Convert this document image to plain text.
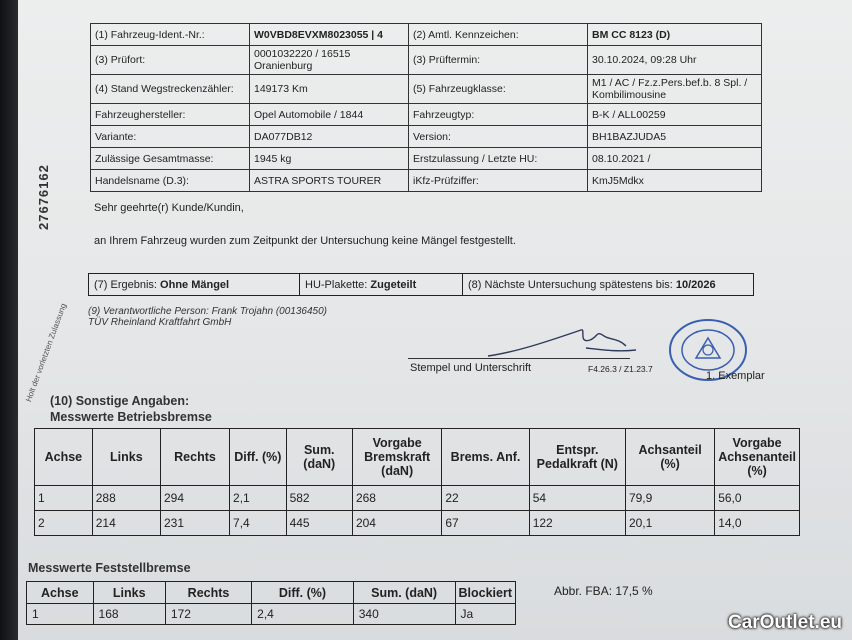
27676162
Holt der vorletzten Zulassung
(1) Fahrzeug-Ident.-Nr.:	W0VBD8EVXM8023055 | 4	(2) Amtl. Kennzeichen:	BM CC 8123 (D)
(3) Prüfort:	0001032220 / 16515 Oranienburg	(3) Prüftermin:	30.10.2024, 09:28 Uhr
(4) Stand Wegstreckenzähler:	149173 Km	(5) Fahrzeugklasse:	M1 / AC / Fz.z.Pers.bef.b. 8 Spl. / Kombilimousine
Fahrzeughersteller:	Opel Automobile / 1844	Fahrzeugtyp:	B-K / ALL00259
Variante:	DA077DB12	Version:	BH1BAZJUDA5
Zulässige Gesamtmasse:	1945 kg	Erstzulassung / Letzte HU:	08.10.2021 /
Handelsname (D.3):	ASTRA SPORTS TOURER	iKfz-Prüfziffer:	KmJ5Mdkx
Sehr geehrte(r) Kunde/Kundin,
an Ihrem Fahrzeug wurden zum Zeitpunkt der Untersuchung keine Mängel festgestellt.
(7) Ergebnis: Ohne Mängel	HU-Plakette: Zugeteilt	(8) Nächste Untersuchung spätestens bis: 10/2026
(9) Verantwortliche Person: Frank Trojahn (00136450)
TÜV Rheinland Kraftfahrt GmbH
Stempel und Unterschrift	F4.26.3 / Z1.23.7
1. Exemplar
(10) Sonstige Angaben:
Messwerte Betriebsbremse
Achse	Links	Rechts	Diff. (%)	Sum. (daN)	Vorgabe Bremskraft (daN)	Brems. Anf.	Entspr. Pedalkraft (N)	Achsanteil (%)	Vorgabe Achsenanteil (%)
1	288	294	2,1	582	268	22	54	79,9	56,0
2	214	231	7,4	445	204	67	122	20,1	14,0
Messwerte Feststellbremse
Achse	Links	Rechts	Diff. (%)	Sum. (daN)	Blockiert
1	168	172	2,4	340	Ja
Abbr. FBA: 17,5 %
CarOutlet.eu
